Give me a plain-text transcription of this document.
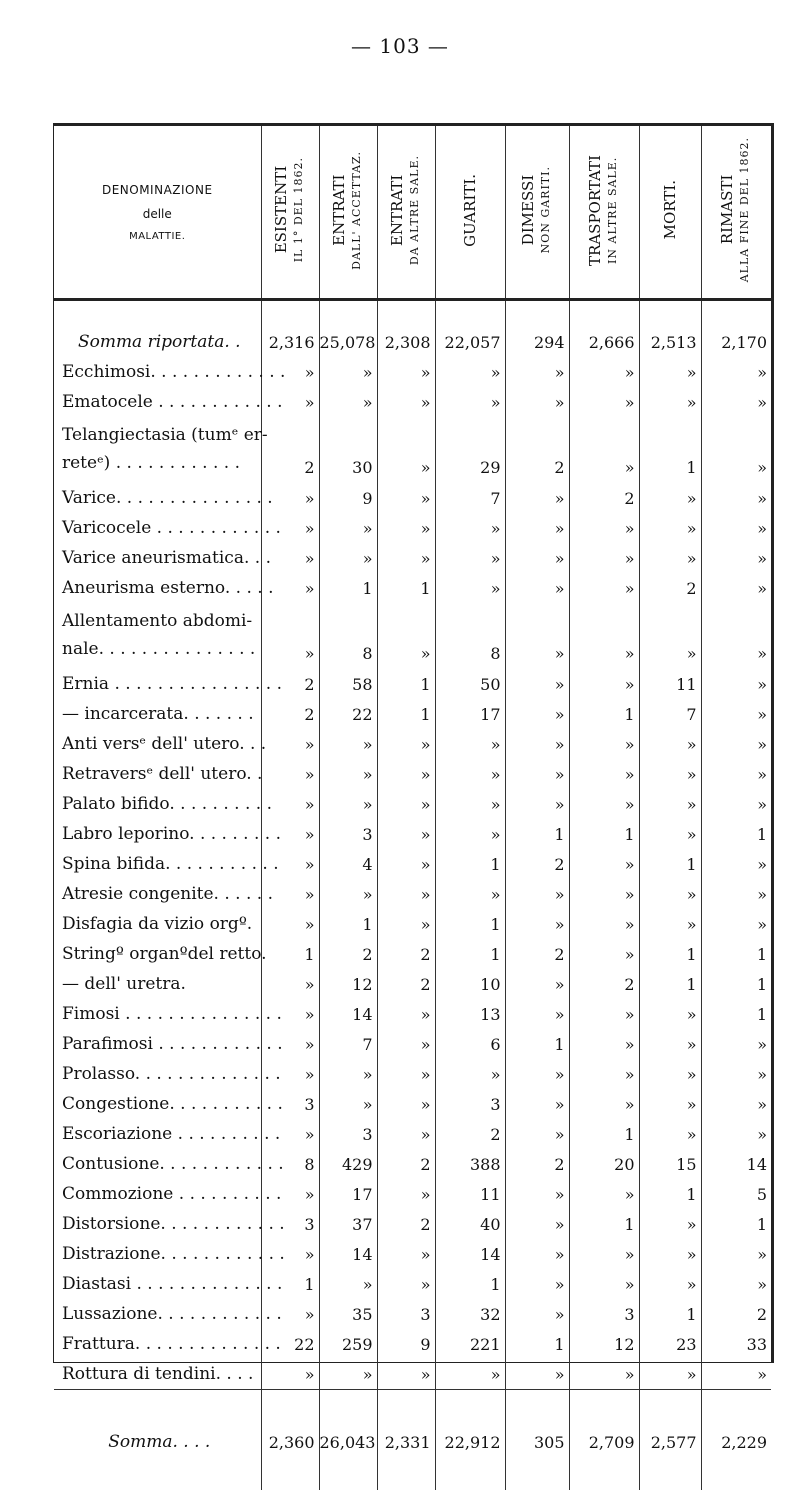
— 103 —
DENOMINAZIONE
delle
MALATTIE.	ESISTENTI IL 1° DEL 1862.	ENTRATI DALL' ACCETTAZ.	ENTRATI DA ALTRE SALE.	GUARITI.	DIMESSI NON GARITI.	TRASPORTATI IN ALTRE SALE.	MORTI.	RIMASTI ALLA FINE DEL 1862.

Somma riportata. .	2,316	25,078	2,308	22,057	294	2,666	2,513	2,170
Ecchimosi. . . . . . . . . . . . .	»	»	»	»	»	»	»	»
Ematocele . . . . . . . . . . . .	»	»	»	»	»	»	»	»
Telangiectasia (tumᵉ er-
reteᵉ) . . . . . . . . . . . .	2	30	»	29	2	»	1	»
Varice. . . . . . . . . . . . . . .	»	9	»	7	»	2	»	»
Varicocele . . . . . . . . . . . .	»	»	»	»	»	»	»	»
Varice aneurismatica. . .	»	»	»	»	»	»	»	»
Aneurisma esterno. . . . .	»	1	1	»	»	»	2	»
Allentamento abdomi-
nale. . . . . . . . . . . . . . .	»	8	»	8	»	»	»	»
Ernia . . . . . . . . . . . . . . . .	2	58	1	50	»	»	11	»
— incarcerata. . . . . . .	2	22	1	17	»	1	7	»
Anti versᵉ dell' utero. . .	»	»	»	»	»	»	»	»
Retraversᵉ dell' utero. .	»	»	»	»	»	»	»	»
Palato bifido. . . . . . . . . .	»	»	»	»	»	»	»	»
Labro leporino. . . . . . . . .	»	3	»	»	1	1	»	1
Spina bifida. . . . . . . . . . .	»	4	»	1	2	»	1	»
Atresie congenite. . . . . .	»	»	»	»	»	»	»	»
Disfagia da vizio orgº.	»	1	»	1	»	»	»	»
Stringº organºdel retto.	1	2	2	1	2	»	1	1
— dell' uretra.	»	12	2	10	»	2	1	1
Fimosi . . . . . . . . . . . . . . .	»	14	»	13	»	»	»	1
Parafimosi . . . . . . . . . . . .	»	7	»	6	1	»	»	»
Prolasso. . . . . . . . . . . . . .	»	»	»	»	»	»	»	»
Congestione. . . . . . . . . . .	3	»	»	3	»	»	»	»
Escoriazione . . . . . . . . . .	»	3	»	2	»	1	»	»
Contusione. . . . . . . . . . . .	8	429	2	388	2	20	15	14
Commozione . . . . . . . . . .	»	17	»	11	»	»	1	5
Distorsione. . . . . . . . . . . .	3	37	2	40	»	1	»	1
Distrazione. . . . . . . . . . . .	»	14	»	14	»	»	»	»
Diastasi . . . . . . . . . . . . . .	1	»	»	1	»	»	»	»
Lussazione. . . . . . . . . . . .	»	35	3	32	»	3	1	2
Frattura. . . . . . . . . . . . . .	22	259	9	221	1	12	23	33
Rottura di tendini. . . .	»	»	»	»	»	»	»	»
Somma. . . .	2,360	26,043	2,331	22,912	305	2,709	2,577	2,229
